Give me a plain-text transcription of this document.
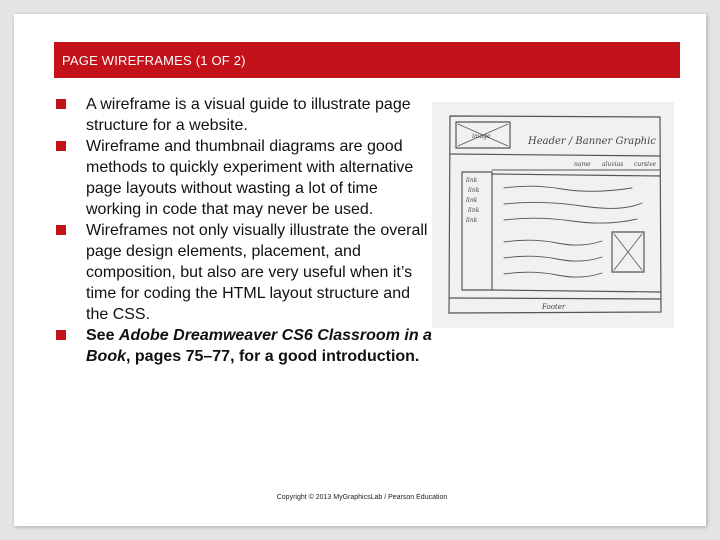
PAGE WIREFRAMES (1 OF 2)
A wireframe is a visual guide to illustrate page structure for a website.
Wireframe and thumbnail diagrams are good methods to quickly experiment with alternative page layouts without wasting a lot of time working in code that may never be used.
Wireframes not only visually illustrate the overall page design elements, placement, and composition, but also are very useful when it’s time for coding the HTML layout structure and the CSS.
See Adobe Dreamweaver CS6 Classroom in a Book, pages 75–77, for a good introduction.
image	Header / Banner Graphic
name aluvias cursive
link
link
link
link
link
Footer
Copyright © 2013 MyGraphicsLab / Pearson Education
